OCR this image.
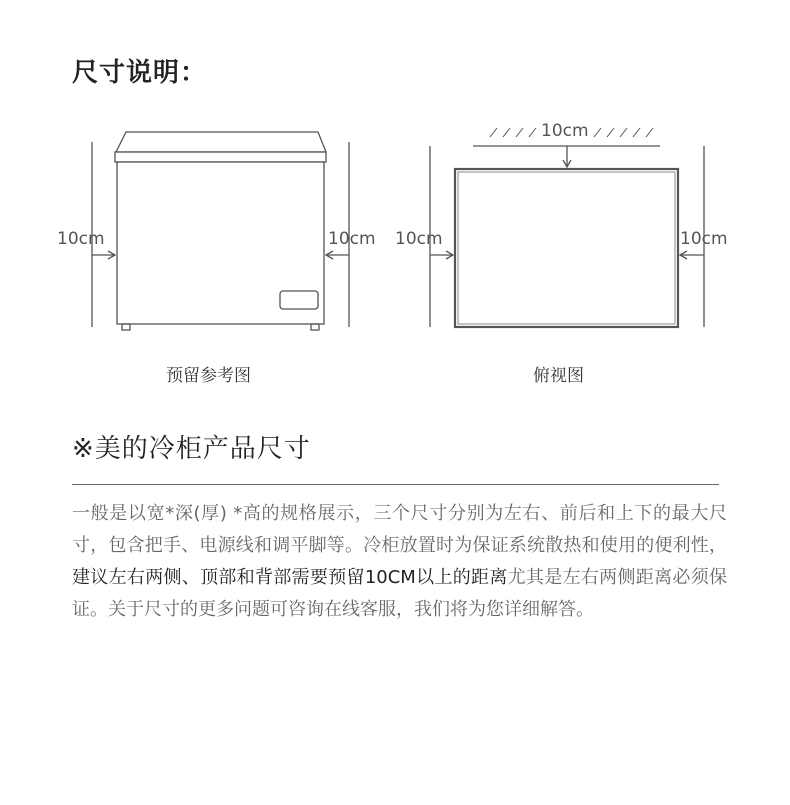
尺寸说明：
10cm	10cm
10cm
10cm	10cm
预留参考图	俯视图
※美的冷柜产品尺寸
一般是以宽*深(厚) *高的规格展示，三个尺寸分别为左右、前后和上下的最大尺寸，包含把手、电源线和调平脚等。冷柜放置时为保证系统散热和使用的便利性，建议左右两侧、顶部和背部需要预留10CM以上的距离尤其是左右两侧距离必须保证。关于尺寸的更多问题可咨询在线客服，我们将为您详细解答。
